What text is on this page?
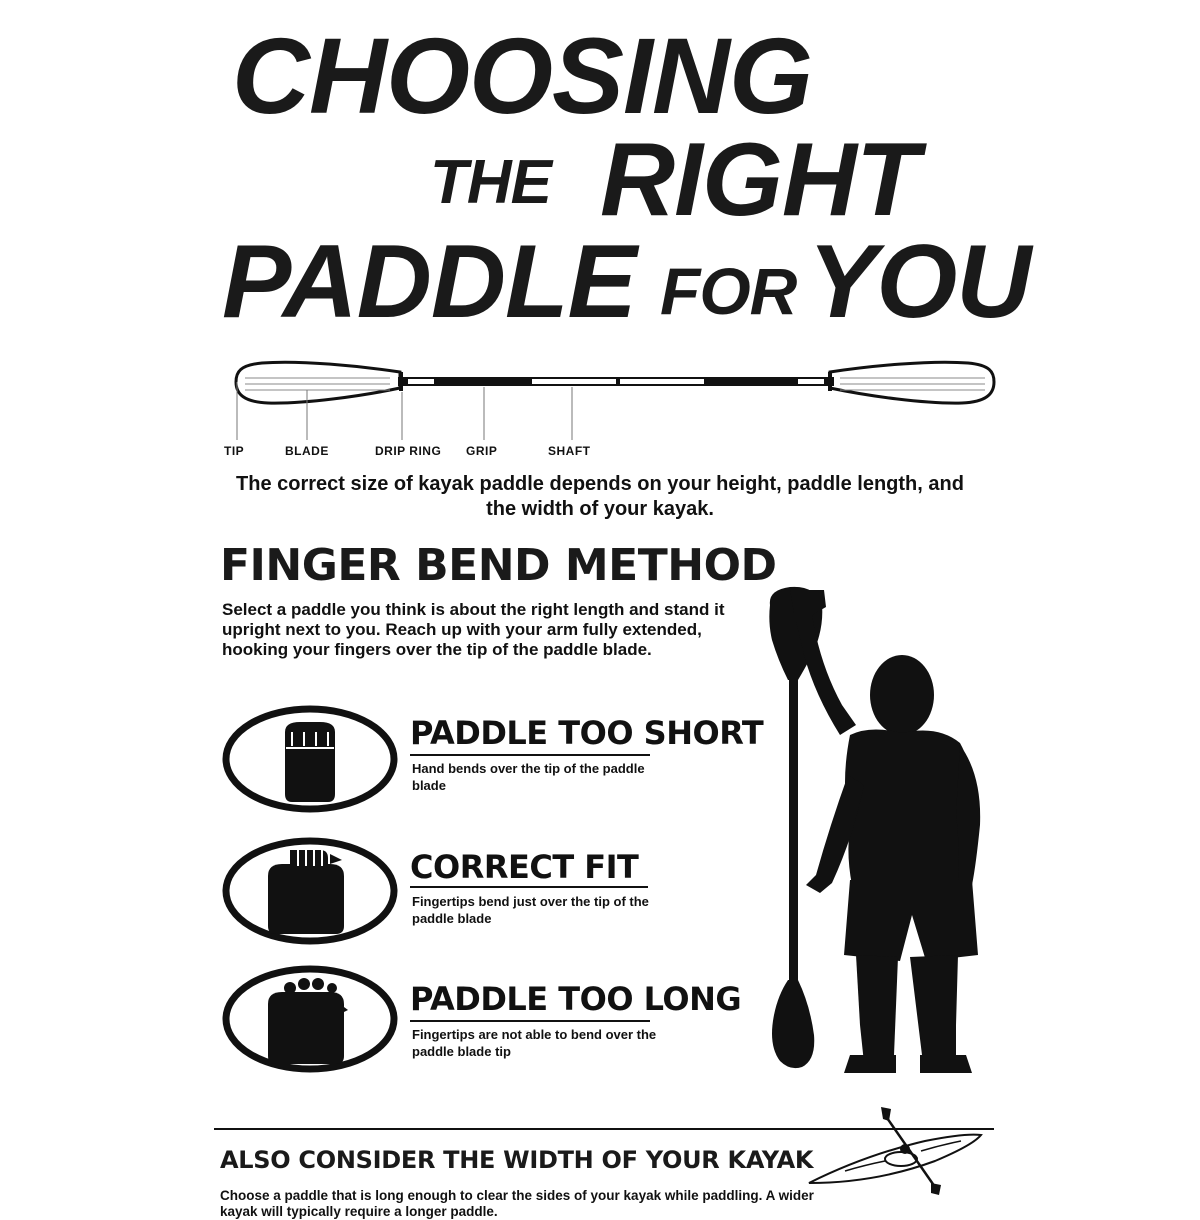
CHOOSING
THE RIGHT
PADDLE FOR YOU
TIP	BLADE	DRIP RING GRIP	SHAFT
The correct size of kayak paddle depends on your height, paddle length, and the width of your kayak.
FINGER BEND METHOD
Select a paddle you think is about the right length and stand it upright next to you. Reach up with your arm fully extended, hooking your fingers over the tip of the paddle blade.
PADDLE TOO SHORT
Hand bends over the tip of the paddle blade
CORRECT FIT
Fingertips bend just over the tip of the paddle blade
PADDLE TOO LONG
Fingertips are not able to bend over the paddle blade tip
ALSO CONSIDER THE WIDTH OF YOUR KAYAK
Choose a paddle that is long enough to clear the sides of your kayak while paddling. A wider kayak will typically require a longer paddle.
